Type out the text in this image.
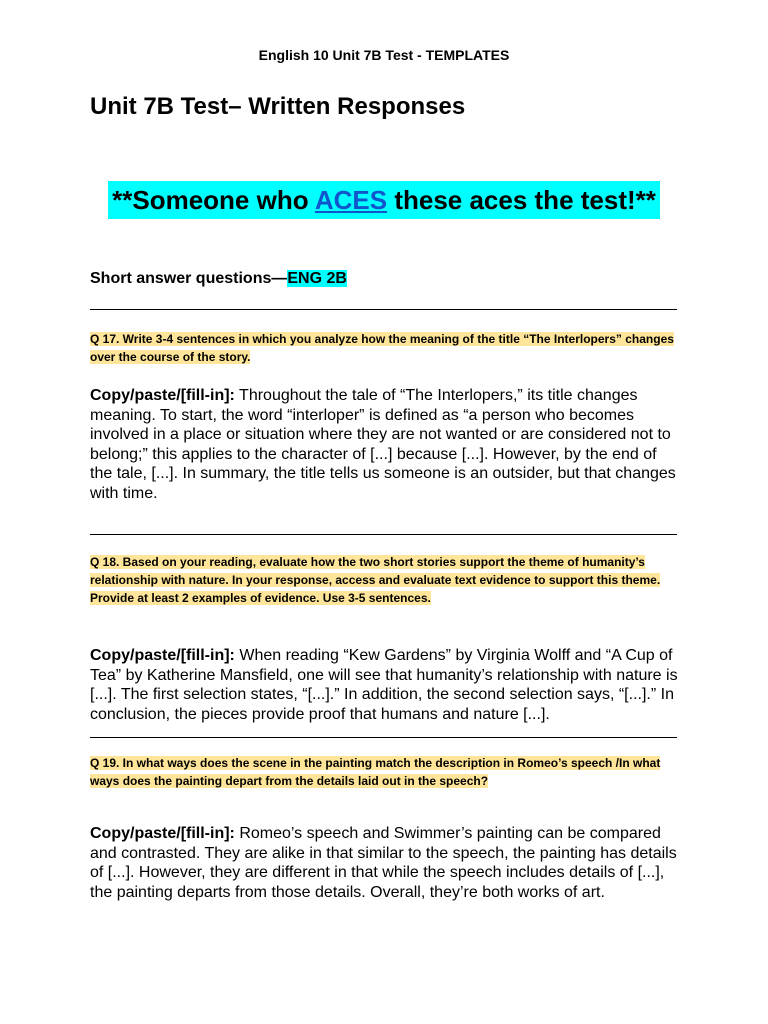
English 10 Unit 7B Test - TEMPLATES
Unit 7B Test– Written Responses
**Someone who ACES these aces the test!**
Short answer questions—ENG 2B
Q 17. Write 3-4 sentences in which you analyze how the meaning of the title “The Interlopers” changes over the course of the story.
Copy/paste/[fill-in]: Throughout the tale of “The Interlopers,” its title changes meaning. To start, the word “interloper” is defined as “a person who becomes involved in a place or situation where they are not wanted or are considered not to belong;” this applies to the character of [...] because [...]. However, by the end of the tale, [...]. In summary, the title tells us someone is an outsider, but that changes with time.
Q 18. Based on your reading, evaluate how the two short stories support the theme of humanity’s relationship with nature. In your response, access and evaluate text evidence to support this theme. Provide at least 2 examples of evidence. Use 3-5 sentences.
Copy/paste/[fill-in]: When reading “Kew Gardens” by Virginia Wolff and “A Cup of Tea” by Katherine Mansfield, one will see that humanity’s relationship with nature is [...]. The first selection states, “[...].” In addition, the second selection says, “[...].” In conclusion, the pieces provide proof that humans and nature [...].
Q 19. In what ways does the scene in the painting match the description in Romeo’s speech /In what ways does the painting depart from the details laid out in the speech?
Copy/paste/[fill-in]: Romeo’s speech and Swimmer’s painting can be compared and contrasted. They are alike in that similar to the speech, the painting has details of [...]. However, they are different in that while the speech includes details of [...], the painting departs from those details. Overall, they’re both works of art.
